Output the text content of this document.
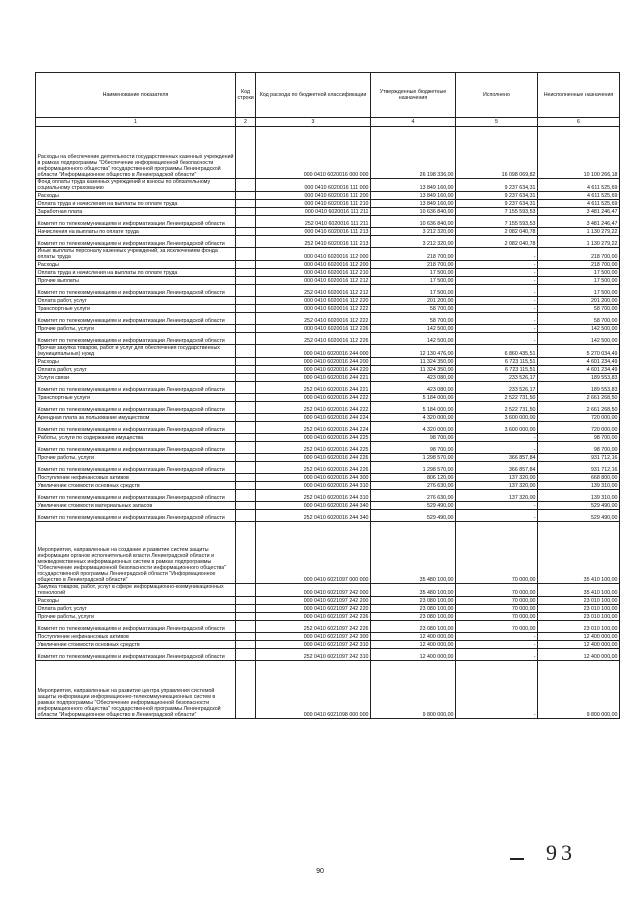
Наименование показателя	Код строки	Код расхода по бюджетной классификации	Утвержденные бюджетные назначения	Исполнено	Неисполненные назначения
1	2	3	4	5	6
Расходы на обеспечение деятельности государственных казенных учреждений в рамках подпрограммы "Обеспечение информационной безопасности информационного общества" государственной программы Ленинградской области "Информационное общество в Ленинградской области"		000 0410 6020016 000 000	26 198 336,00	16 098 069,82	10 100 266,18
Фонд оплаты труда казенных учреждений и взносы по обязательному социальному страхованию		000 0410 6020016 111 000	13 849 160,00	9 237 634,31	4 611 525,69
Расходы		000 0410 6020016 111 200	13 849 160,00	9 237 634,31	4 611 525,69
Оплата труда и начисления на выплаты по оплате труда		000 0410 6020016 111 210	13 849 160,00	9 237 634,31	4 611 525,69
Заработная плата		000 0410 6020016 111 211	10 636 840,00	7 155 593,53	3 481 246,47
Комитет по телекоммуникациям и информатизации Ленинградской области		252 0410 6020016 111 211	10 636 840,00	7 155 593,53	3 481 246,47
Начисления на выплаты по оплате труда		000 0410 6020016 111 213	3 212 320,00	2 082 040,78	1 130 279,22
Комитет по телекоммуникациям и информатизации Ленинградской области		252 0410 6020016 111 213	3 212 320,00	2 082 040,78	1 130 279,22
Иные выплаты персоналу казенных учреждений, за исключением фонда оплаты труда		000 0410 6020016 112 000	218 700,00	-	218 700,00
Расходы		000 0410 6020016 112 200	218 700,00	-	218 700,00
Оплата труда и начисления на выплаты по оплате труда		000 0410 6020016 112 210	17 500,00	-	17 500,00
Прочие выплаты		000 0410 6020016 112 212	17 500,00	-	17 500,00
Комитет по телекоммуникациям и информатизации Ленинградской области		252 0410 6020016 112 212	17 500,00	-	17 500,00
Оплата работ, услуг		000 0410 6020016 112 220	201 200,00	-	201 200,00
Транспортные услуги		000 0410 6020016 112 222	58 700,00	-	58 700,00
Комитет по телекоммуникациям и информатизации Ленинградской области		252 0410 6020016 112 222	58 700,00	-	58 700,00
Прочие работы, услуги		000 0410 6020016 112 226	142 500,00	-	142 500,00
Комитет по телекоммуникациям и информатизации Ленинградской области		252 0410 6020016 112 226	142 500,00	-	142 500,00
Прочая закупка товаров, работ и услуг для обеспечения государственных (муниципальных) нужд		000 0410 6020016 244 000	12 130 476,00	6 860 435,51	5 270 034,49
Расходы		000 0410 6020016 244 200	11 324 350,00	6 723 115,51	4 601 234,49
Оплата работ, услуг		000 0410 6020016 244 220	11 324 350,00	6 723 115,51	4 601 234,49
Услуги связи		000 0410 6020016 244 221	423 080,00	233 526,17	189 553,83
Комитет по телекоммуникациям и информатизации Ленинградской области		252 0410 6020016 244 221	423 080,00	233 526,17	189 553,83
Транспортные услуги		000 0410 6020016 244 222	5 184 000,00	2 522 731,50	2 661 268,50
Комитет по телекоммуникациям и информатизации Ленинградской области		252 0410 6020016 244 222	5 184 000,00	2 522 731,50	2 661 268,50
Арендная плата за пользование имуществом		000 0410 6020016 244 224	4 320 000,00	3 600 000,00	720 000,00
Комитет по телекоммуникациям и информатизации Ленинградской области		252 0410 6020016 244 224	4 320 000,00	3 600 000,00	720 000,00
Работы, услуги по содержанию имущества		000 0410 6020016 244 225	98 700,00	-	98 700,00
Комитет по телекоммуникациям и информатизации Ленинградской области		252 0410 6020016 244 225	98 700,00	-	98 700,00
Прочие работы, услуги		000 0410 6020016 244 226	1 298 570,00	366 857,84	931 712,16
Комитет по телекоммуникациям и информатизации Ленинградской области		252 0410 6020016 244 226	1 298 570,00	366 857,84	931 712,16
Поступление нефинансовых активов		000 0410 6020016 244 300	806 120,00	137 320,00	668 800,00
Увеличение стоимости основных средств		000 0410 6020016 244 310	276 630,00	137 320,00	139 310,00
Комитет по телекоммуникациям и информатизации Ленинградской области		252 0410 6020016 244 310	276 630,00	137 320,00	139 310,00
Увеличение стоимости материальных запасов		000 0410 6020016 244 340	529 490,00	-	529 490,00
Комитет по телекоммуникациям и информатизации Ленинградской области		252 0410 6020016 244 340	529 490,00	-	529 490,00
Мероприятия, направленные на создание и развитие систем защиты информации органов исполнительной власти Ленинградской области и межведомственных информационных систем в рамках подпрограммы "Обеспечение информационной безопасности информационного общества" государственной программы Ленинградской области "Информационное общество в Ленинградской области"		000 0410 6021097 000 000	35 480 100,00	70 000,00	35 410 100,00
Закупка товаров, работ, услуг в сфере информационно-коммуникационных технологий		000 0410 6021097 242 000	35 480 100,00	70 000,00	35 410 100,00
Расходы		000 0410 6021097 242 200	23 080 100,00	70 000,00	23 010 100,00
Оплата работ, услуг		000 0410 6021097 242 220	23 080 100,00	70 000,00	23 010 100,00
Прочие работы, услуги		000 0410 6021097 242 226	23 080 100,00	70 000,00	23 010 100,00
Комитет по телекоммуникациям и информатизации Ленинградской области		252 0410 6021097 242 226	23 080 100,00	70 000,00	23 010 100,00
Поступление нефинансовых активов		000 0410 6021097 242 300	12 400 000,00	-	12 400 000,00
Увеличение стоимости основных средств		000 0410 6021097 242 310	12 400 000,00	-	12 400 000,00
Комитет по телекоммуникациям и информатизации Ленинградской области		252 0410 6021097 242 310	12 400 000,00	-	12 400 000,00
Мероприятия, направленные на развитие центра управления системой защиты информации информационно-телекоммуникационных систем в рамках подпрограммы "Обеспечение информационной безопасности информационного общества" государственной программы Ленинградской области "Информационное общество в Ленинградской области"		000 0410 6021098 000 000	9 800 000,00	-	9 800 000,00
93
90
